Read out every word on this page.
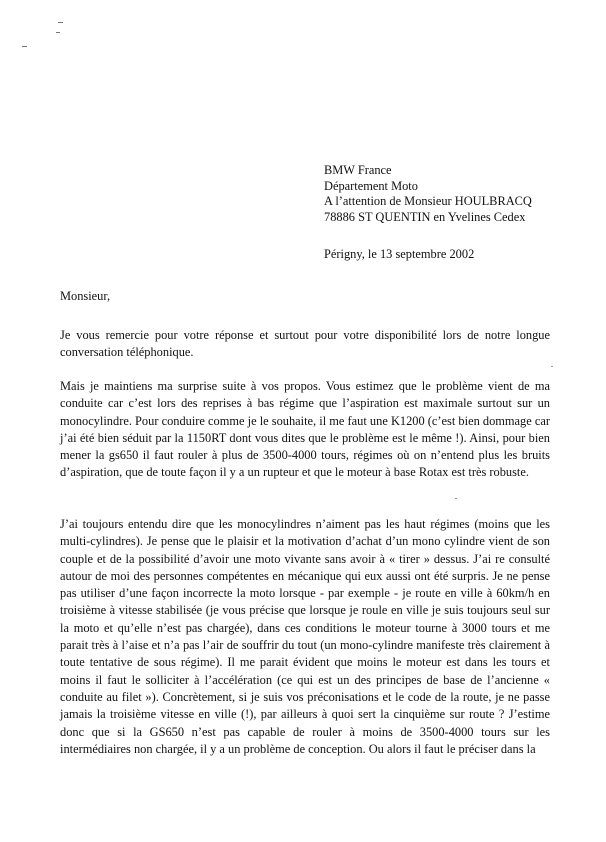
BMW France
Département Moto
A l’attention de Monsieur HOULBRACQ
78886 ST QUENTIN en Yvelines Cedex
Périgny, le 13 septembre 2002
Monsieur,

Je vous remercie pour votre réponse et surtout pour votre disponibilité lors de notre longue conversation téléphonique.

Mais je maintiens ma surprise suite à vos propos. Vous estimez que le problème vient de ma conduite car c’est lors des reprises à bas régime que l’aspiration est maximale surtout sur un monocylindre. Pour conduire comme je le souhaite, il me faut une K1200 (c’est bien dommage car j’ai été bien séduit par la 1150RT dont vous dites que le problème est le même !). Ainsi, pour bien mener la gs650 il faut rouler à plus de 3500-4000 tours, régimes où on n’entend plus les bruits d’aspiration, que de toute façon il y a un rupteur et que le moteur à base Rotax est très robuste.

J’ai toujours entendu dire que les monocylindres n’aiment pas les haut régimes (moins que les multi-cylindres). Je pense que le plaisir et la motivation d’achat d’un mono cylindre vient de son couple et de la possibilité d’avoir une moto vivante sans avoir à « tirer » dessus. J’ai re consulté autour de moi des personnes compétentes en mécanique qui eux aussi ont été surpris. Je ne pense pas utiliser d’une façon incorrecte la moto lorsque - par exemple - je route en ville à 60km/h en troisième à vitesse stabilisée (je vous précise que lorsque je roule en ville je suis toujours seul sur la moto et qu’elle n’est pas chargée), dans ces conditions le moteur tourne à 3000 tours et me parait très à l’aise et n’a pas l’air de souffrir du tout (un mono-cylindre manifeste très clairement à toute tentative de sous régime). Il me parait évident que moins le moteur est dans les tours et moins il faut le solliciter à l’accélération (ce qui est un des principes de base de l’ancienne « conduite au filet »). Concrètement, si je suis vos préconisations et le code de la route, je ne passe jamais la troisième vitesse en ville (!), par ailleurs à quoi sert la cinquième sur route ? J’estime donc que si la GS650 n’est pas capable de rouler à moins de 3500-4000 tours sur les intermédiaires non chargée, il y a un problème de conception. Ou alors il faut le préciser dans la
